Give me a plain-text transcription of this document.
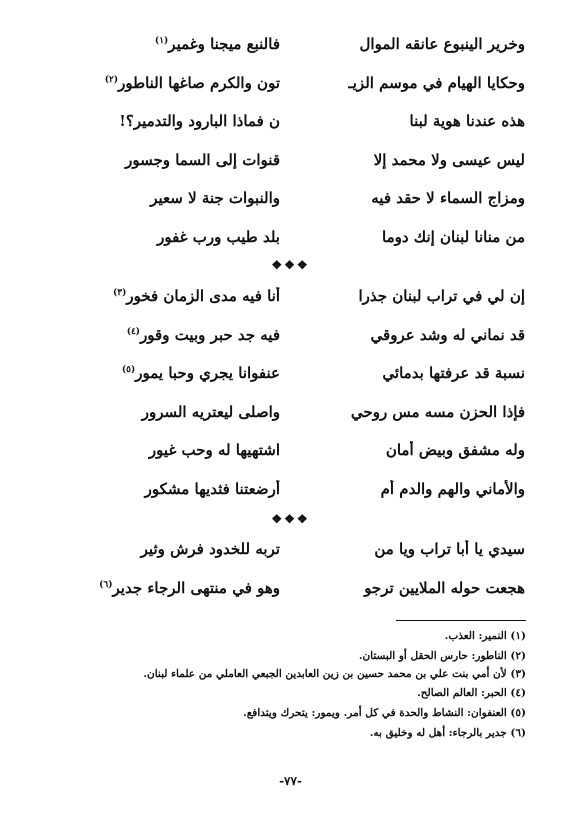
وخرير الينبوع عانقه الموال
فالنبع ميجنا وغمير$^{(١)}$
وحكايا الهيام في موسم الزيـ
تون والكرم صاغها الناطور$^{(٢)}$
هذه عندنا هوية لبنا
ن فماذا البارود والتدمير؟!
ليس عيسى ولا محمد إلا
قنوات إلى السما وجسور
ومزاج السماء لا حقد فيه
والنبوات جنة لا سعير
من منانا لبنان إنك دوما
بلد طيب ورب غفور
❖❖❖
إن لي في تراب لبنان جذرا
أنا فيه مدى الزمان فخور$^{(٣)}$
قد نماني له وشد عروقي
فيه جد حبر وبيت وقور$^{(٤)}$
نسبة قد عرفتها بدمائي
عنفوانا يجري وحبا يمور$^{(٥)}$
فإذا الحزن مسه مس روحي
واصلى ليعتريه السرور
وله مشفق وبيض أمان
اشتهيها له وحب غيور
والأماني والهم والدم أم
أرضعتنا فثديها مشكور
❖❖❖
سيدي يا أبا تراب ويا من
تربه للخدود فرش وثير
هجعت حوله الملايين ترجو
وهو في منتهى الرجاء جدير$^{(٦)}$
(١) النمير: العذب.
(٢) الناطور: حارس الحقل أو البستان.
(٣) لأن أمي بنت علي بن محمد حسين بن زين العابدين الجبعي العاملي من علماء لبنان.
(٤) الحبر: العالم الصالح.
(٥) العنفوان: النشاط والحدة في كل أمر. ويمور: يتحرك ويتدافع.
(٦) جدير بالرجاء: أهل له وخليق به.
-٧٧-
